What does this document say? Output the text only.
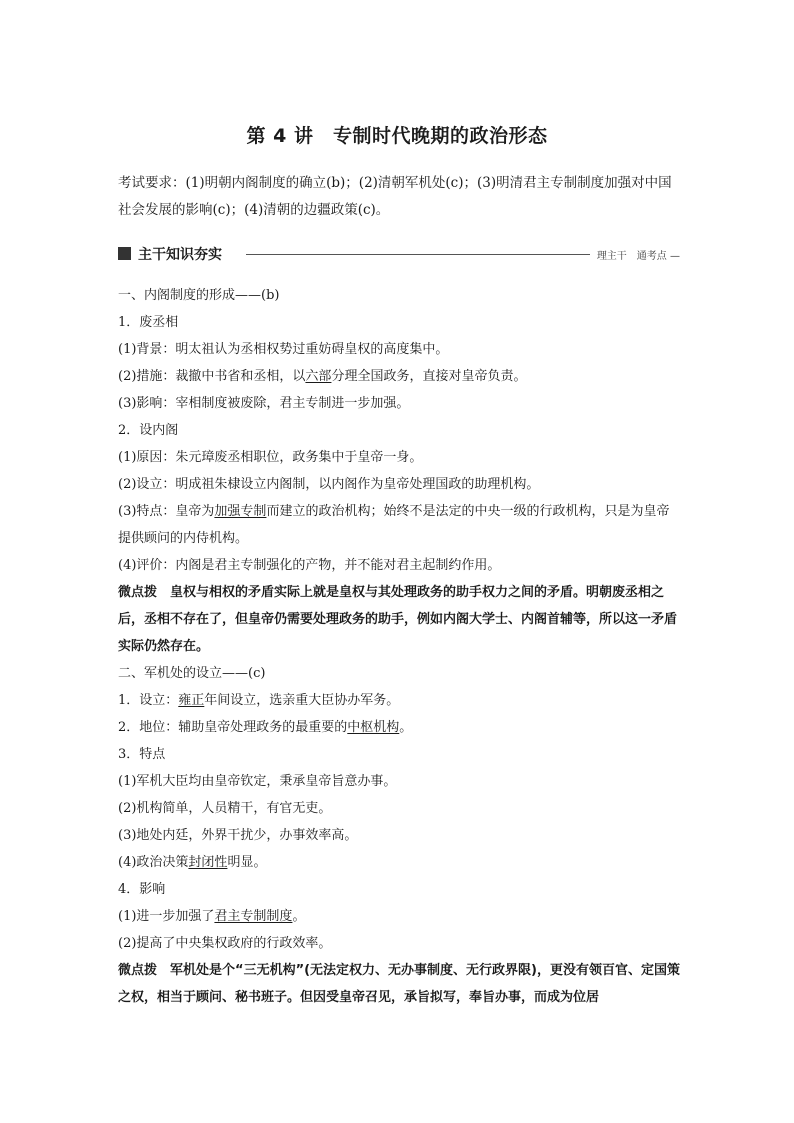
第 4 讲　专制时代晚期的政治形态
考试要求：(1)明朝内阁制度的确立(b)；(2)清朝军机处(c)；(3)明清君主专制制度加强对中国社会发展的影响(c)；(4)清朝的边疆政策(c)。
主干知识夯实	理主干　通考点 —

一、内阁制度的形成——(b)

1．废丞相

(1)背景：明太祖认为丞相权势过重妨碍皇权的高度集中。

(2)措施：裁撤中书省和丞相，以六部分理全国政务，直接对皇帝负责。

(3)影响：宰相制度被废除，君主专制进一步加强。

2．设内阁

(1)原因：朱元璋废丞相职位，政务集中于皇帝一身。

(2)设立：明成祖朱棣设立内阁制，以内阁作为皇帝处理国政的助理机构。

(3)特点：皇帝为加强专制而建立的政治机构；始终不是法定的中央一级的行政机构，只是为皇帝提供顾问的内侍机构。

(4)评价：内阁是君主专制强化的产物，并不能对君主起制约作用。

微点拨　 皇权与相权的矛盾实际上就是皇权与其处理政务的助手权力之间的矛盾。明朝废丞相之后，丞相不存在了，但皇帝仍需要处理政务的助手，例如内阁大学士、内阁首辅等，所以这一矛盾实际仍然存在。

二、军机处的设立——(c)

1．设立：雍正年间设立，选亲重大臣协办军务。

2．地位：辅助皇帝处理政务的最重要的中枢机构。

3．特点

(1)军机大臣均由皇帝钦定，秉承皇帝旨意办事。

(2)机构简单，人员精干，有官无吏。

(3)地处内廷，外界干扰少，办事效率高。

(4)政治决策封闭性明显。

4．影响

(1)进一步加强了君主专制制度。

(2)提高了中央集权政府的行政效率。

微点拨　 军机处是个“三无机构”(无法定权力、无办事制度、无行政界限)，更没有领百官、定国策之权，相当于顾问、秘书班子。但因受皇帝召见，承旨拟写，奉旨办事，而成为位居
